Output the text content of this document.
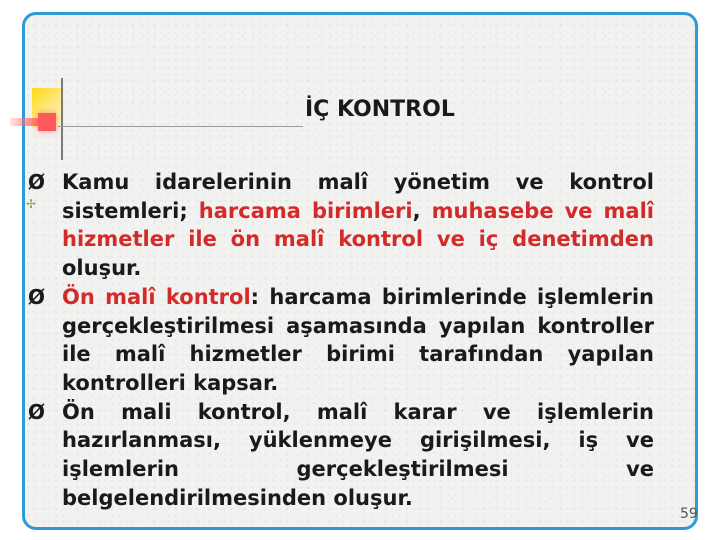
İÇ KONTROL
✢
Ø Kamu idarelerinin malî yönetim ve kontrol sistemleri; harcama birimleri, muhasebe ve malî hizmetler ile ön malî kontrol ve iç denetimden oluşur.
Ø Ön malî kontrol: harcama birimlerinde işlemlerin gerçekleştirilmesi aşamasında yapılan kontroller ile malî hizmetler birimi tarafından yapılan kontrolleri kapsar.
Ø Ön mali kontrol, malî karar ve işlemlerin hazırlanması, yüklenmeye girişilmesi, iş ve işlemlerin gerçekleştirilmesi ve belgelendirilmesinden oluşur.
59
